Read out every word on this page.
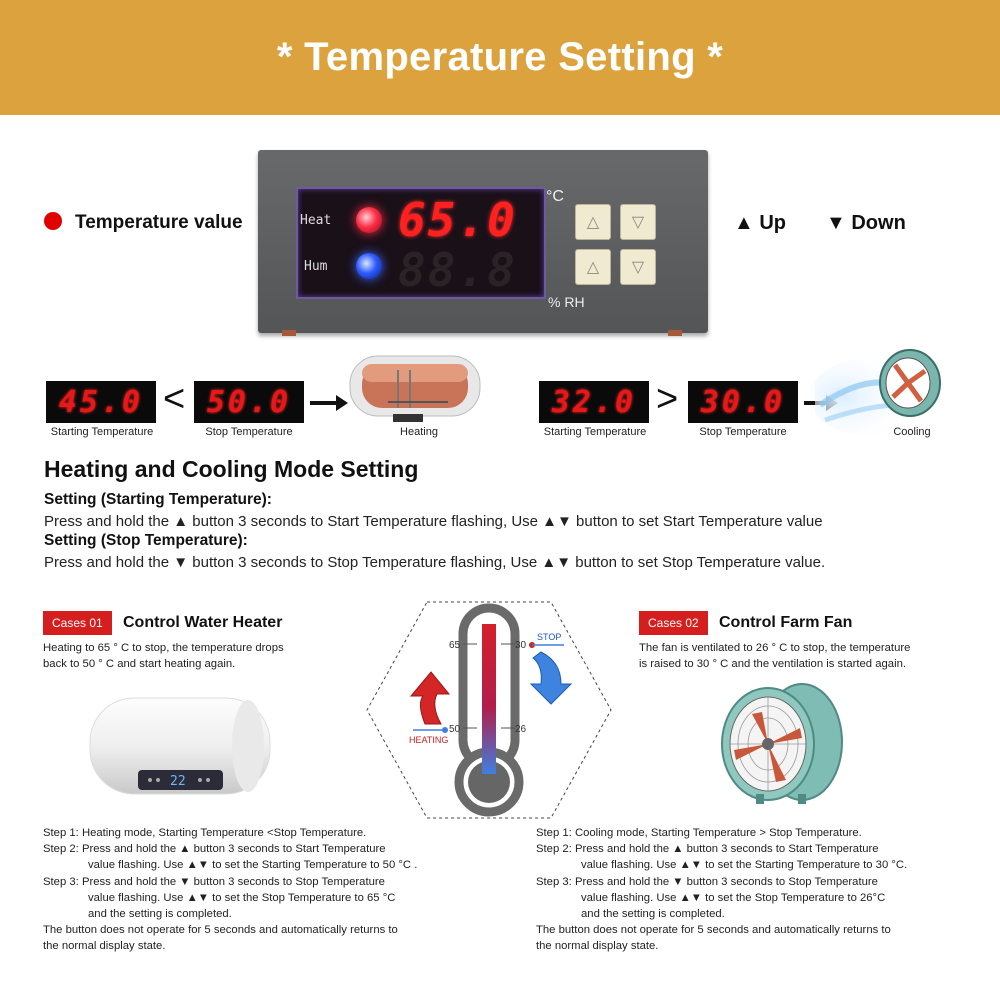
* Temperature Setting *
Heat
Hum
65.0
88.8
°C
% RH
△ ▽
△ ▽
Temperature value	▲ Up ▼ Down
45.0
Starting Temperature
< 50.0
Stop Temperature	Heating
32.0
Starting Temperature
> 30.0
Stop Temperature	Cooling
Heating and Cooling Mode Setting
Setting (Starting Temperature):
Press and hold the ▲ button 3 seconds to Start Temperature flashing, Use ▲▼ button to set Start Temperature value
Setting (Stop Temperature):
Press and hold the ▼ button 3 seconds to Stop Temperature flashing, Use ▲▼ button to set Stop Temperature value.
Cases 01	Control Water Heater
Heating to 65 ° C to stop, the temperature drops
back to 50 ° C and start heating again.
22
Step 1: Heating mode, Starting Temperature <Stop Temperature.
Step 2: Press and hold the ▲ button 3 seconds to Start Temperature
value flashing. Use ▲▼ to set the Starting Temperature to 50 °C .
Step 3: Press and hold the ▼ button 3 seconds to Stop Temperature
value flashing. Use ▲▼ to set the Stop Temperature to 65 °C
and the setting is completed.
The button does not operate for 5 seconds and automatically returns to
the normal display state.
65
50
30
26
STOP
HEATING
Cases 02	Control Farm Fan
The fan is ventilated to 26 ° C to stop, the temperature
is raised to 30 ° C and the ventilation is started again.
Step 1: Cooling mode, Starting Temperature > Stop Temperature.
Step 2: Press and hold the ▲ button 3 seconds to Start Temperature
value flashing. Use ▲▼ to set the Starting Temperature to 30 °C.
Step 3: Press and hold the ▼ button 3 seconds to Stop Temperature
value flashing. Use ▲▼ to set the Stop Temperature to 26°C
and the setting is completed.
The button does not operate for 5 seconds and automatically returns to
the normal display state.
